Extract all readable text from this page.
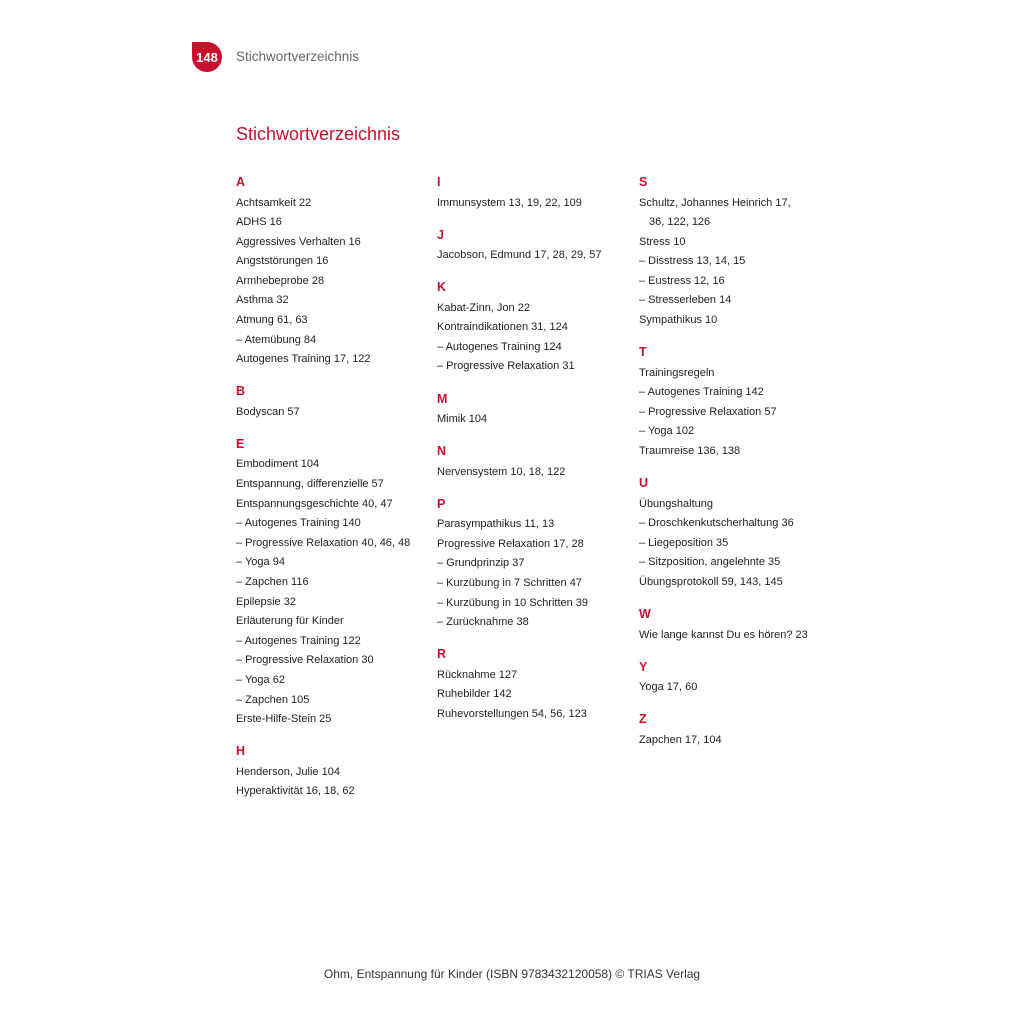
148 Stichwortverzeichnis
Stichwortverzeichnis
A
Achtsamkeit 22
ADHS 16
Aggressives Verhalten 16
Angststörungen 16
Armhebeprobe 28
Asthma 32
Atmung 61, 63
– Atemübung 84
Autogenes Training 17, 122
B
Bodyscan 57
E
Embodiment 104
Entspannung, differenzielle 57
Entspannungsgeschichte 40, 47
– Autogenes Training 140
– Progressive Relaxation 40, 46, 48
– Yoga 94
– Zapchen 116
Epilepsie 32
Erläuterung für Kinder
– Autogenes Training 122
– Progressive Relaxation 30
– Yoga 62
– Zapchen 105
Erste-Hilfe-Stein 25
H
Henderson, Julie 104
Hyperaktivität 16, 18, 62
I
Immunsystem 13, 19, 22, 109
J
Jacobson, Edmund 17, 28, 29, 57
K
Kabat-Zinn, Jon 22
Kontraindikationen 31, 124
– Autogenes Training 124
– Progressive Relaxation 31
M
Mimik 104
N
Nervensystem 10, 18, 122
P
Parasympathikus 11, 13
Progressive Relaxation 17, 28
– Grundprinzip 37
– Kurzübung in 7 Schritten 47
– Kurzübung in 10 Schritten 39
– Zurücknahme 38
R
Rücknahme 127
Ruhebilder 142
Ruhevorstellungen 54, 56, 123
S
Schultz, Johannes Heinrich 17,
36, 122, 126
Stress 10
– Disstress 13, 14, 15
– Eustress 12, 16
– Stresserleben 14
Sympathikus 10
T
Trainingsregeln
– Autogenes Training 142
– Progressive Relaxation 57
– Yoga 102
Traumreise 136, 138
U
Übungshaltung
– Droschkenkutscherhaltung 36
– Liegeposition 35
– Sitzposition, angelehnte 35
Übungsprotokoll 59, 143, 145
W
Wie lange kannst Du es hören? 23
Y
Yoga 17, 60
Z
Zapchen 17, 104
Ohm, Entspannung für Kinder (ISBN 9783432120058) © TRIAS Verlag
